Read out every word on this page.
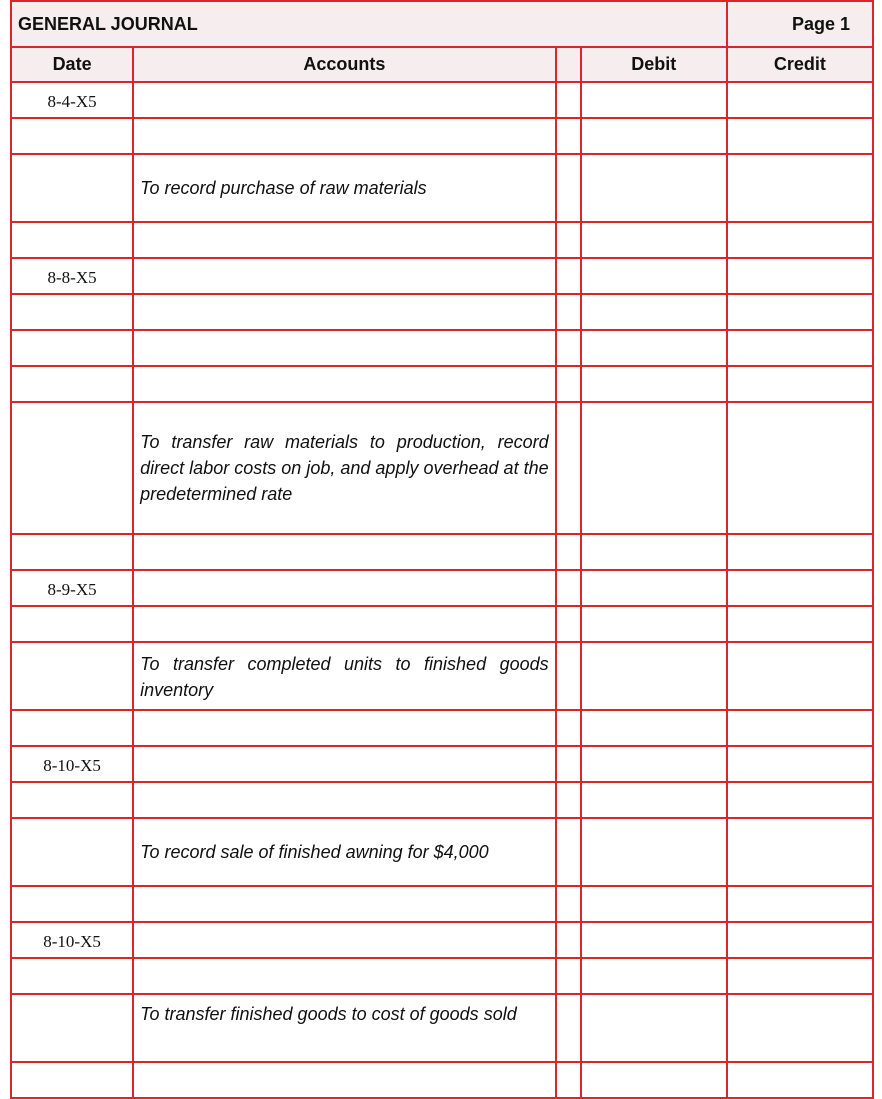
GENERAL JOURNAL				Page 1
Date	Accounts		Debit	Credit
8-4-X5				

	To record purchase of raw materials			

8-8-X5				

	To transfer raw materials to production, record direct labor costs on job, and apply overhead at the predetermined rate			

8-9-X5				

	To transfer completed units to finished goods inventory			

8-10-X5				

	To record sale of finished awning for $4,000			

8-10-X5				

	To transfer finished goods to cost of goods sold			
